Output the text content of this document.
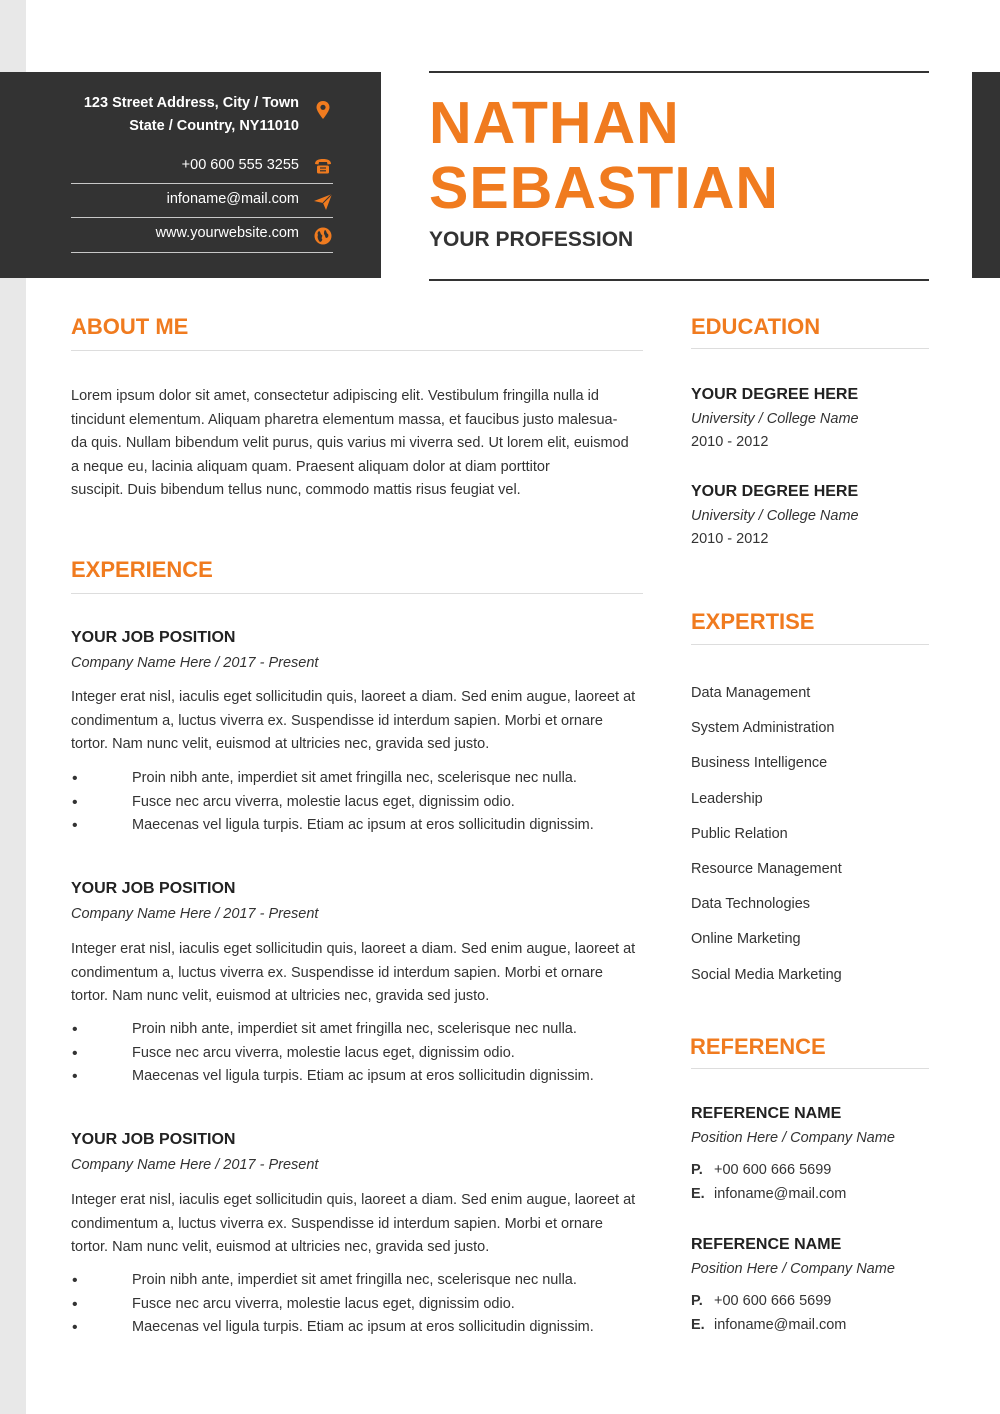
123 Street Address, City / Town
State / Country, NY11010
+00 600 555 3255
infoname@mail.com
www.yourwebsite.com
NATHAN
SEBASTIAN
YOUR PROFESSION
ABOUT ME
Lorem ipsum dolor sit amet, consectetur adipiscing elit. Vestibulum fringilla nulla id
tincidunt elementum. Aliquam pharetra elementum massa, et faucibus justo malesua-
da quis. Nullam bibendum velit purus, quis varius mi viverra sed. Ut lorem elit, euismod
a neque eu, lacinia aliquam quam. Praesent aliquam dolor at diam porttitor
suscipit. Duis bibendum tellus nunc, commodo mattis risus feugiat vel.
EXPERIENCE
YOUR JOB POSITION
Company Name Here / 2017 - Present
Integer erat nisl, iaculis eget sollicitudin quis, laoreet a diam. Sed enim augue, laoreet at
condimentum a, luctus viverra ex. Suspendisse id interdum sapien. Morbi et ornare
tortor. Nam nunc velit, euismod at ultricies nec, gravida sed justo.
• Proin nibh ante, imperdiet sit amet fringilla nec, scelerisque nec nulla.
• Fusce nec arcu viverra, molestie lacus eget, dignissim odio.
• Maecenas vel ligula turpis. Etiam ac ipsum at eros sollicitudin dignissim.
YOUR JOB POSITION
Company Name Here / 2017 - Present
Integer erat nisl, iaculis eget sollicitudin quis, laoreet a diam. Sed enim augue, laoreet at
condimentum a, luctus viverra ex. Suspendisse id interdum sapien. Morbi et ornare
tortor. Nam nunc velit, euismod at ultricies nec, gravida sed justo.
• Proin nibh ante, imperdiet sit amet fringilla nec, scelerisque nec nulla.
• Fusce nec arcu viverra, molestie lacus eget, dignissim odio.
• Maecenas vel ligula turpis. Etiam ac ipsum at eros sollicitudin dignissim.
YOUR JOB POSITION
Company Name Here / 2017 - Present
Integer erat nisl, iaculis eget sollicitudin quis, laoreet a diam. Sed enim augue, laoreet at
condimentum a, luctus viverra ex. Suspendisse id interdum sapien. Morbi et ornare
tortor. Nam nunc velit, euismod at ultricies nec, gravida sed justo.
• Proin nibh ante, imperdiet sit amet fringilla nec, scelerisque nec nulla.
• Fusce nec arcu viverra, molestie lacus eget, dignissim odio.
• Maecenas vel ligula turpis. Etiam ac ipsum at eros sollicitudin dignissim.
EDUCATION
YOUR DEGREE HERE
University / College Name
2010 - 2012
YOUR DEGREE HERE
University / College Name
2010 - 2012
EXPERTISE
Data Management
System Administration
Business Intelligence
Leadership
Public Relation
Resource Management
Data Technologies
Online Marketing
Social Media Marketing
REFERENCE
REFERENCE NAME
Position Here / Company Name
P. +00 600 666 5699
E. infoname@mail.com
REFERENCE NAME
Position Here / Company Name
P. +00 600 666 5699
E. infoname@mail.com
